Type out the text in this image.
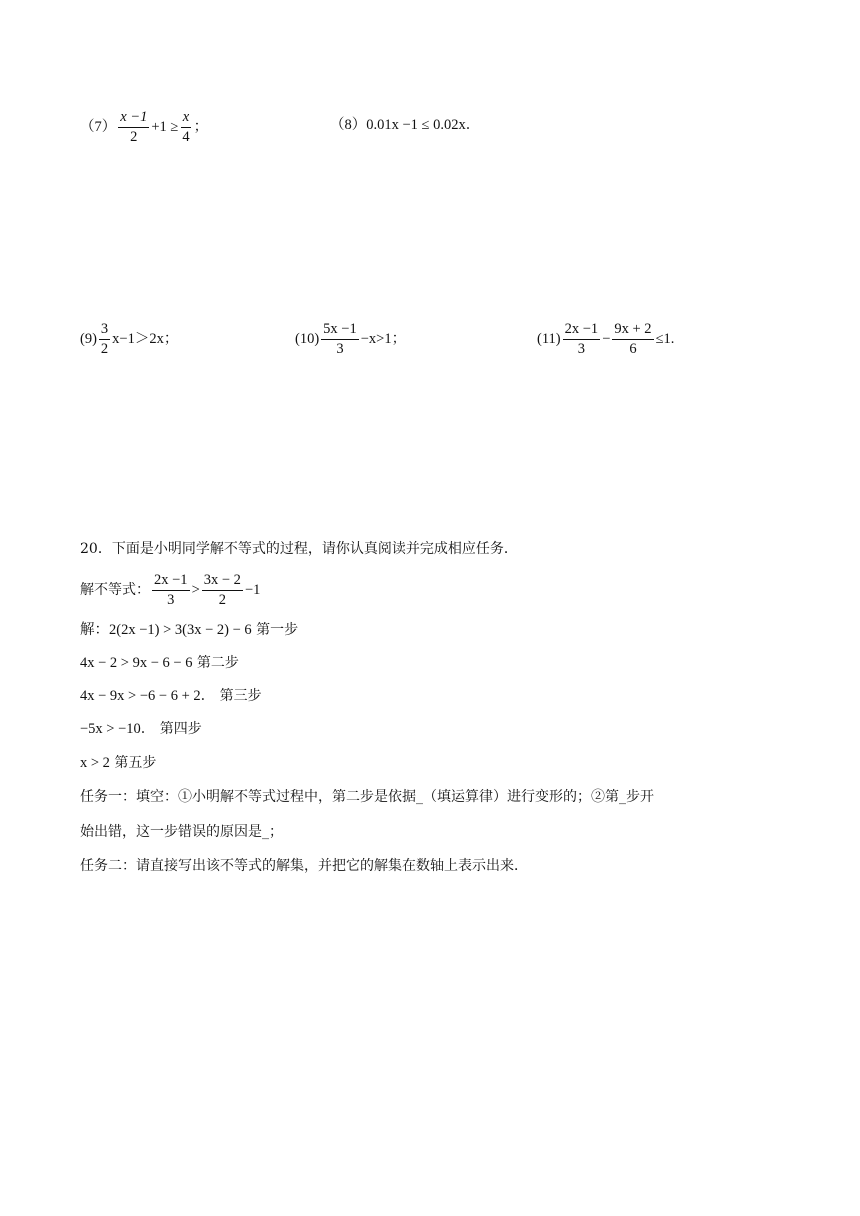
$(7) \frac{x -1}{2} +1 \ge \frac{x}{4}$ ；	（8） 0.01x −1 ≤ 0.02x ．
$(9) \frac{3}{2} x-1>2x$；	$(10) \frac{5x -1}{3} -x>1$；	$(11) \frac{2x -1}{3} - \frac{9x + 2}{6} \le 1$.
20．下面是小明同学解不等式的过程，请你认真阅读并完成相应任务．
解不等式： $\frac{2x -1}{3} > \frac{3x - 2}{2} -1$
解：2(2x −1) > 3(3x − 2) − 6 第一步
4x − 2 > 9x − 6 − 6 第二步
4x − 9x > −6 − 6 + 2． 第三步
−5x > −10． 第四步
x > 2 第五步
任务一：填空：①小明解不等式过程中，第二步是依据_（填运算律）进行变形的；②第_步开
始出错，这一步错误的原因是_；
任务二：请直接写出该不等式的解集，并把它的解集在数轴上表示出来．
